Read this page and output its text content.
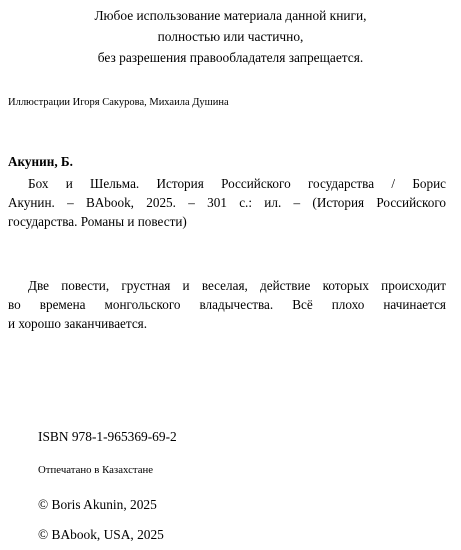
Любое использование материала данной книги,
полностью или частично,
без разрешения правообладателя запрещается.
Иллюстрации Игоря Сакурова, Михаила Душина
Акунин, Б.
Бох и Шельма. История Российского государства / Борис
Акунин. – BAbook, 2025. – 301 с.: ил. – (История Российского
государства. Романы и повести)
Две повести, грустная и веселая, действие которых происходит
во времена монгольского владычества. Всё плохо начинается
и хорошо заканчивается.
ISBN 978-1-965369-69-2
Отпечатано в Казахстане
© Boris Akunin, 2025
© BAbook, USA, 2025
